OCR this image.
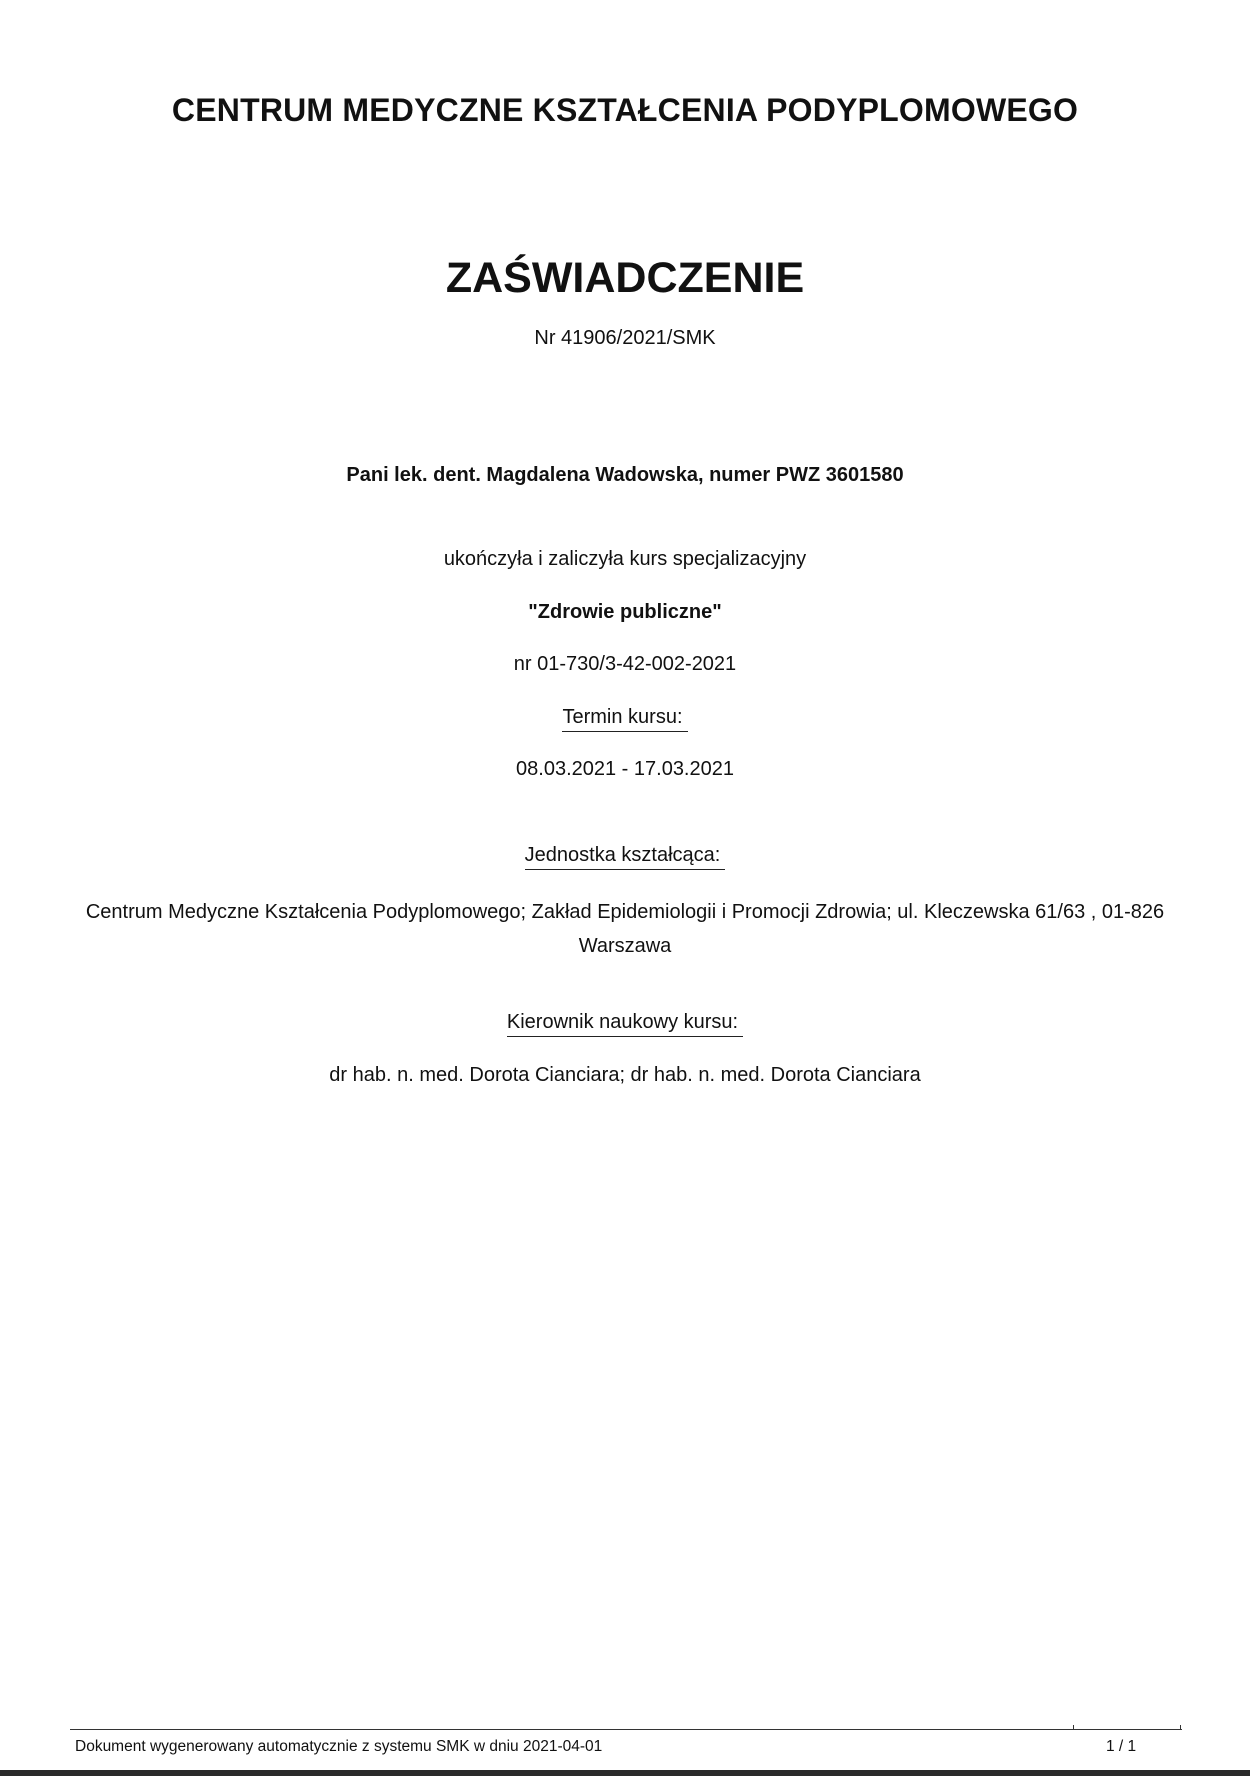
CENTRUM MEDYCZNE KSZTAŁCENIA PODYPLOMOWEGO
ZAŚWIADCZENIE
Nr 41906/2021/SMK
Pani lek. dent. Magdalena Wadowska, numer PWZ 3601580
ukończyła i zaliczyła kurs specjalizacyjny
"Zdrowie publiczne"
nr 01-730/3-42-002-2021
Termin kursu:
08.03.2021 - 17.03.2021
Jednostka kształcąca:
Centrum Medyczne Kształcenia Podyplomowego; Zakład Epidemiologii i Promocji Zdrowia; ul. Kleczewska 61/63 , 01-826 Warszawa
Kierownik naukowy kursu:
dr hab. n. med. Dorota Cianciara; dr hab. n. med. Dorota Cianciara
Dokument wygenerowany automatycznie z systemu SMK w dniu 2021-04-01	1 / 1
